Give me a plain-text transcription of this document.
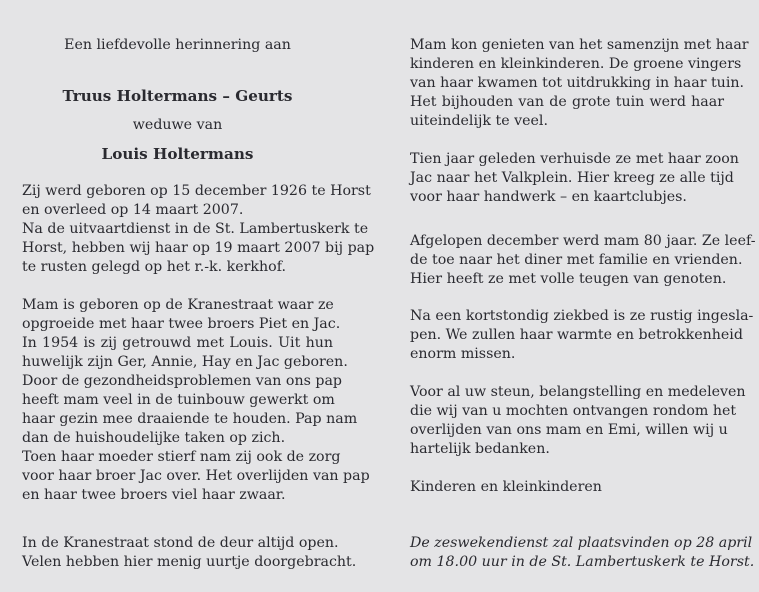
Een liefdevolle herinnering aan
Truus Holtermans – Geurts
weduwe van
Louis Holtermans
Zij werd geboren op 15 december 1926 te Horst
en overleed op 14 maart 2007.
Na de uitvaartdienst in de St. Lambertuskerk te
Horst, hebben wij haar op 19 maart 2007 bij pap
te rusten gelegd op het r.-k. kerkhof.
Mam is geboren op de Kranestraat waar ze
opgroeide met haar twee broers Piet en Jac.
In 1954 is zij getrouwd met Louis. Uit hun
huwelijk zijn Ger, Annie, Hay en Jac geboren.
Door de gezondheidsproblemen van ons pap
heeft mam veel in de tuinbouw gewerkt om
haar gezin mee draaiende te houden. Pap nam
dan de huishoudelijke taken op zich.
Toen haar moeder stierf nam zij ook de zorg
voor haar broer Jac over. Het overlijden van pap
en haar twee broers viel haar zwaar.
In de Kranestraat stond de deur altijd open.
Velen hebben hier menig uurtje doorgebracht.
Mam kon genieten van het samenzijn met haar
kinderen en kleinkinderen. De groene vingers
van haar kwamen tot uitdrukking in haar tuin.
Het bijhouden van de grote tuin werd haar
uiteindelijk te veel.
Tien jaar geleden verhuisde ze met haar zoon
Jac naar het Valkplein. Hier kreeg ze alle tijd
voor haar handwerk – en kaartclubjes.
Afgelopen december werd mam 80 jaar. Ze leef-
de toe naar het diner met familie en vrienden.
Hier heeft ze met volle teugen van genoten.
Na een kortstondig ziekbed is ze rustig ingesla-
pen. We zullen haar warmte en betrokkenheid
enorm missen.
Voor al uw steun, belangstelling en medeleven
die wij van u mochten ontvangen rondom het
overlijden van ons mam en Emi, willen wij u
hartelijk bedanken.
Kinderen en kleinkinderen
De zeswekendienst zal plaatsvinden op 28 april
om 18.00 uur in de St. Lambertuskerk te Horst.
